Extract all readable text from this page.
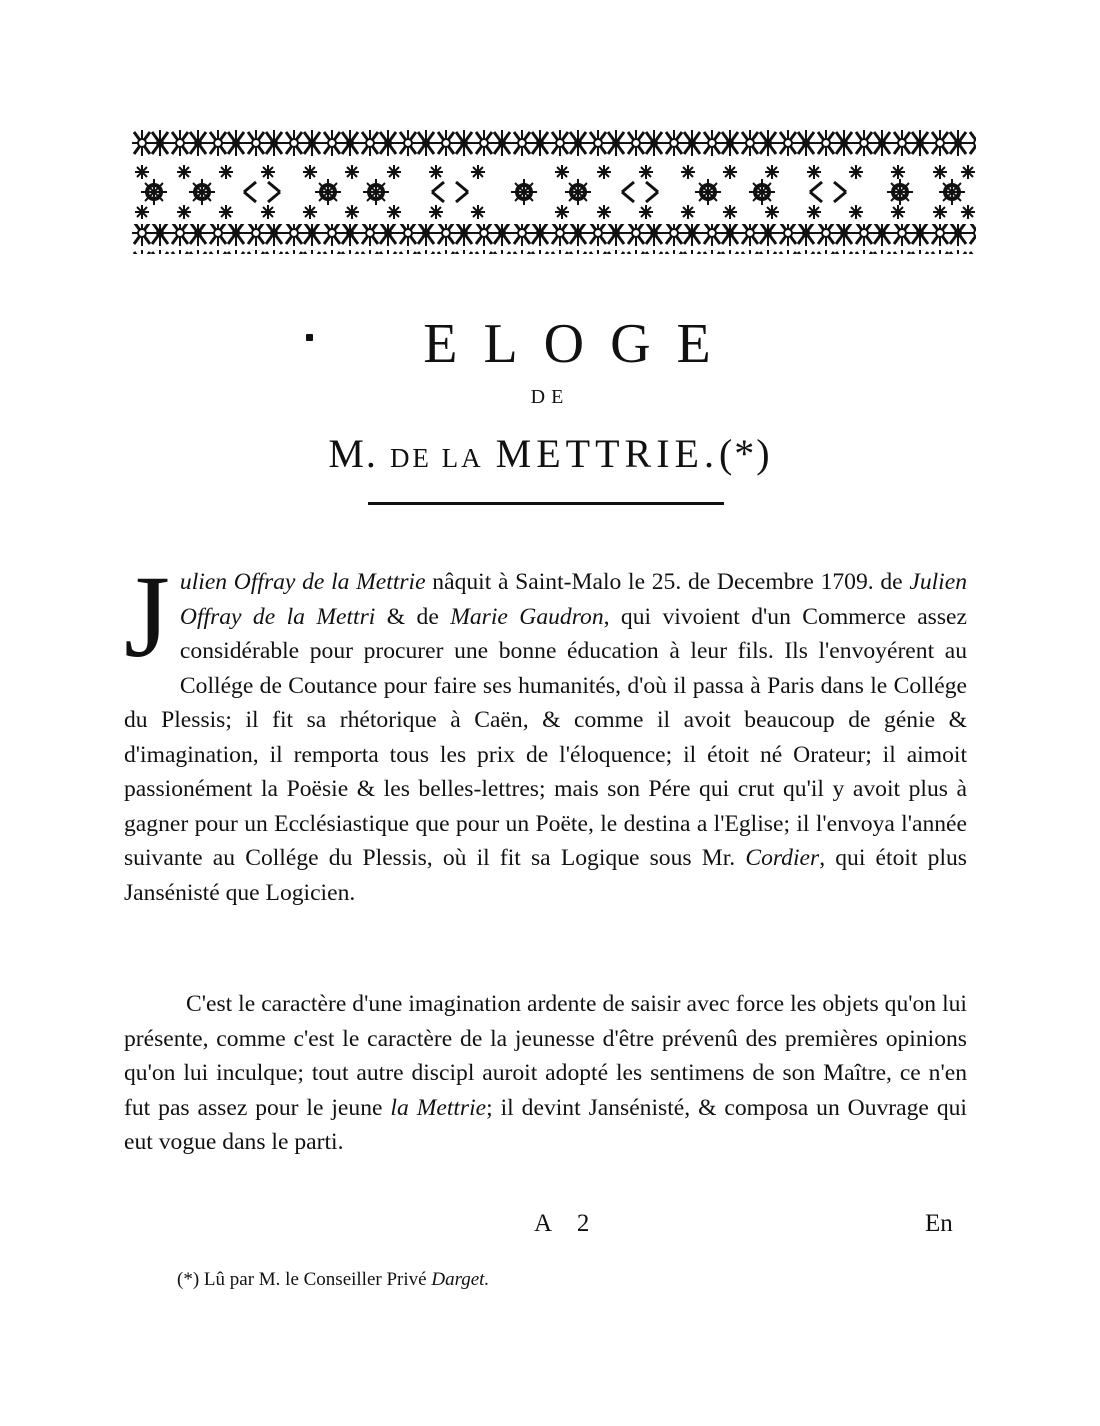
ELOGE
DE
M. DE LA METTRIE.(*)
Julien Offray de la Mettrie nâquit à Saint-Malo le 25. de Decembre 1709. de Julien Offray de la Mettri & de Marie Gaudron, qui vivoient d'un Commerce assez considérable pour procurer une bonne éducation à leur fils. Ils l'envoyérent au Collége de Coutance pour faire ses humanités, d'où il passa à Paris dans le Collége du Plessis; il fit sa rhétorique à Caën, & comme il avoit beaucoup de génie & d'imagination, il remporta tous les prix de l'éloquence; il étoit né Orateur; il aimoit passionément la Poësie & les belles-lettres; mais son Pére qui crut qu'il y avoit plus à gagner pour un Ecclésiastique que pour un Poëte, le destina a l'Eglise; il l'envoya l'année suivante au Collége du Plessis, où il fit sa Logique sous Mr. Cordier, qui étoit plus Jansénisté que Logicien.
C'est le caractère d'une imagination ardente de saisir avec force les objets qu'on lui présente, comme c'est le caractère de la jeunesse d'être prévenû des premières opinions qu'on lui inculque; tout autre discipl auroit adopté les sentimens de son Maître, ce n'en fut pas assez pour le jeune la Mettrie; il devint Jansénisté, & composa un Ouvrage qui eut vogue dans le parti.
A 2	En
(*) Lû par M. le Conseiller Privé Darget.
